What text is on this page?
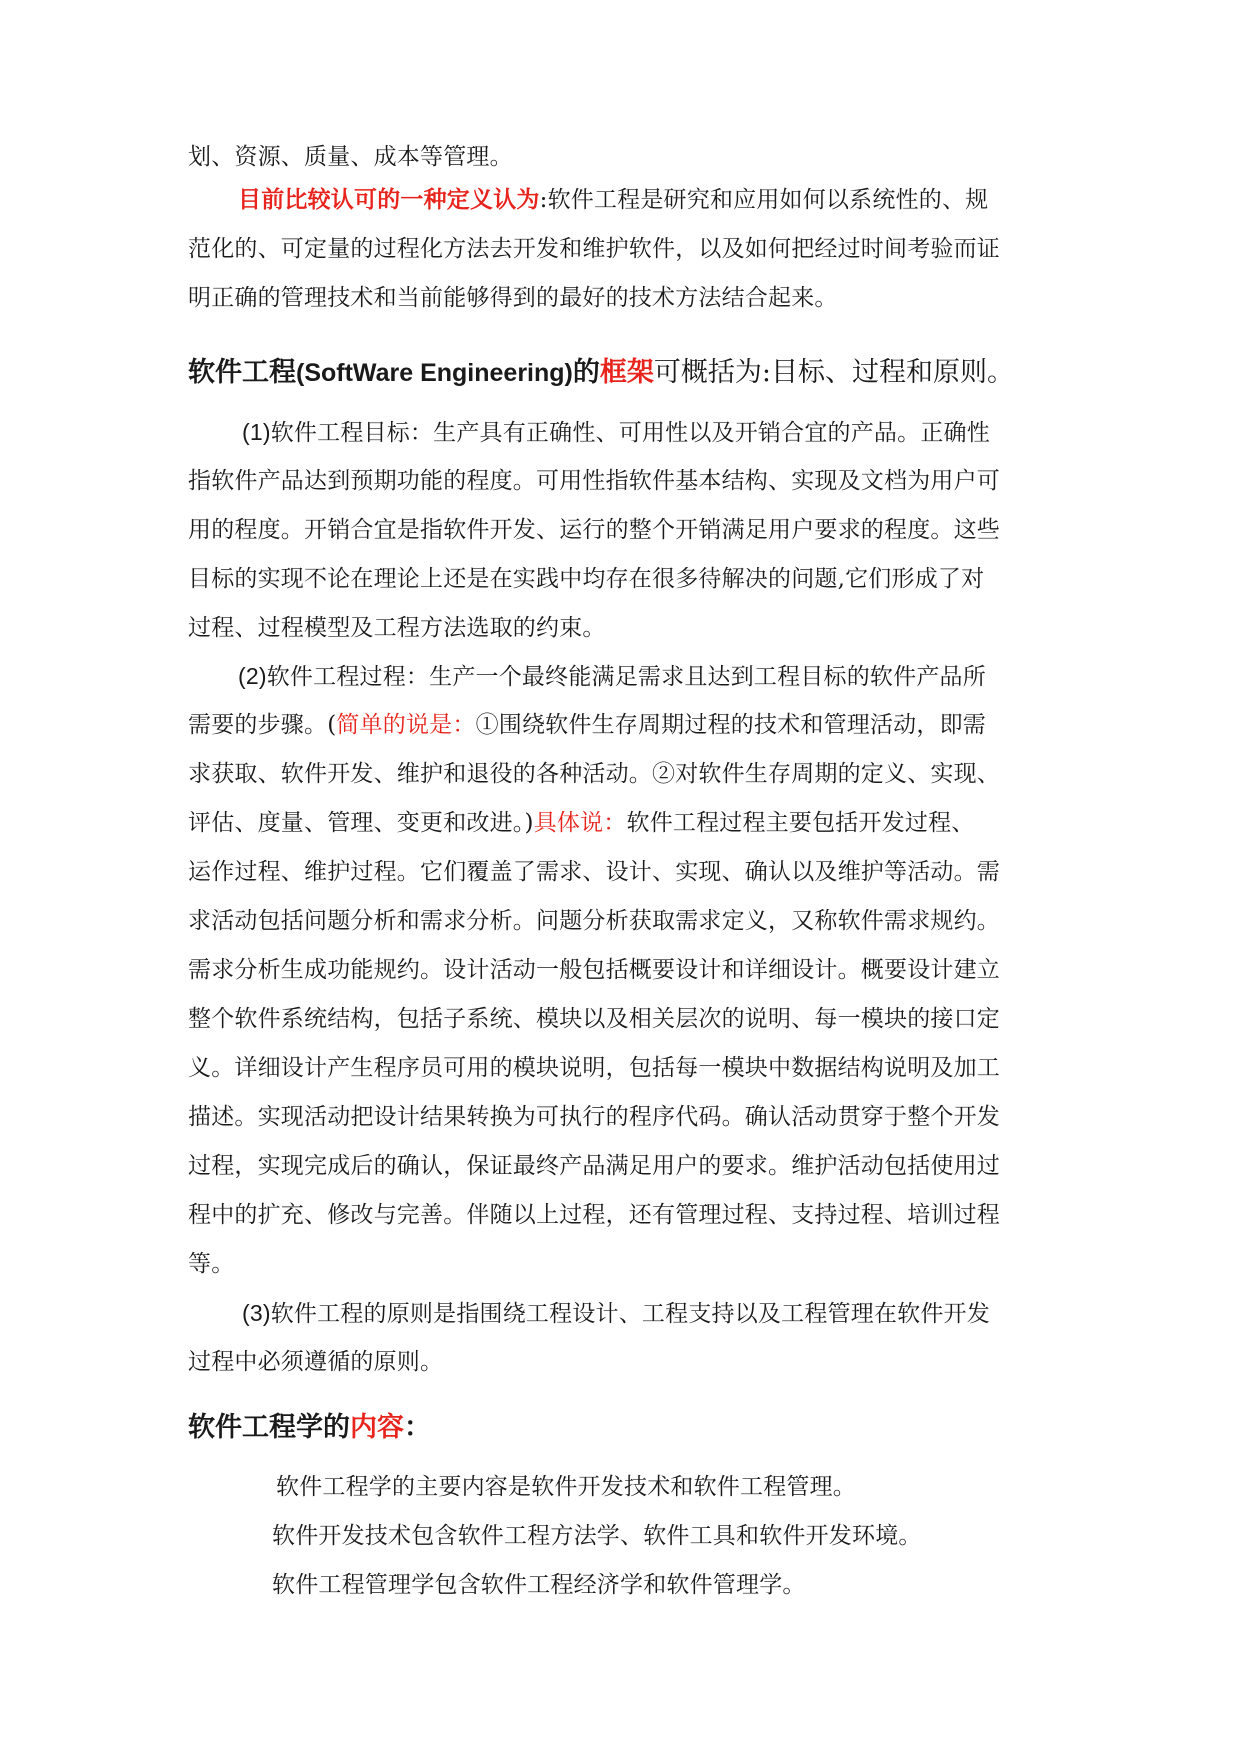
划、资源、质量、成本等管理。
目前比较认可的一种定义认为:软件工程是研究和应用如何以系统性的、规
范化的、可定量的过程化方法去开发和维护软件，以及如何把经过时间考验而证
明正确的管理技术和当前能够得到的最好的技术方法结合起来。
软件工程(SoftWare Engineering)的框架可概括为:目标、过程和原则。
(1)软件工程目标：生产具有正确性、可用性以及开销合宜的产品。正确性
指软件产品达到预期功能的程度。可用性指软件基本结构、实现及文档为用户可
用的程度。开销合宜是指软件开发、运行的整个开销满足用户要求的程度。这些
目标的实现不论在理论上还是在实践中均存在很多待解决的问题,它们形成了对
过程、过程模型及工程方法选取的约束。
(2)软件工程过程：生产一个最终能满足需求且达到工程目标的软件产品所
需要的步骤。(简单的说是：①围绕软件生存周期过程的技术和管理活动，即需
求获取、软件开发、维护和退役的各种活动。②对软件生存周期的定义、实现、
评估、度量、管理、变更和改进。)具体说：软件工程过程主要包括开发过程、
运作过程、维护过程。它们覆盖了需求、设计、实现、确认以及维护等活动。需
求活动包括问题分析和需求分析。问题分析获取需求定义，又称软件需求规约。
需求分析生成功能规约。设计活动一般包括概要设计和详细设计。概要设计建立
整个软件系统结构，包括子系统、模块以及相关层次的说明、每一模块的接口定
义。详细设计产生程序员可用的模块说明，包括每一模块中数据结构说明及加工
描述。实现活动把设计结果转换为可执行的程序代码。确认活动贯穿于整个开发
过程，实现完成后的确认，保证最终产品满足用户的要求。维护活动包括使用过
程中的扩充、修改与完善。伴随以上过程，还有管理过程、支持过程、培训过程
等。
(3)软件工程的原则是指围绕工程设计、工程支持以及工程管理在软件开发
过程中必须遵循的原则。
软件工程学的内容：
软件工程学的主要内容是软件开发技术和软件工程管理。
软件开发技术包含软件工程方法学、软件工具和软件开发环境。
软件工程管理学包含软件工程经济学和软件管理学。
